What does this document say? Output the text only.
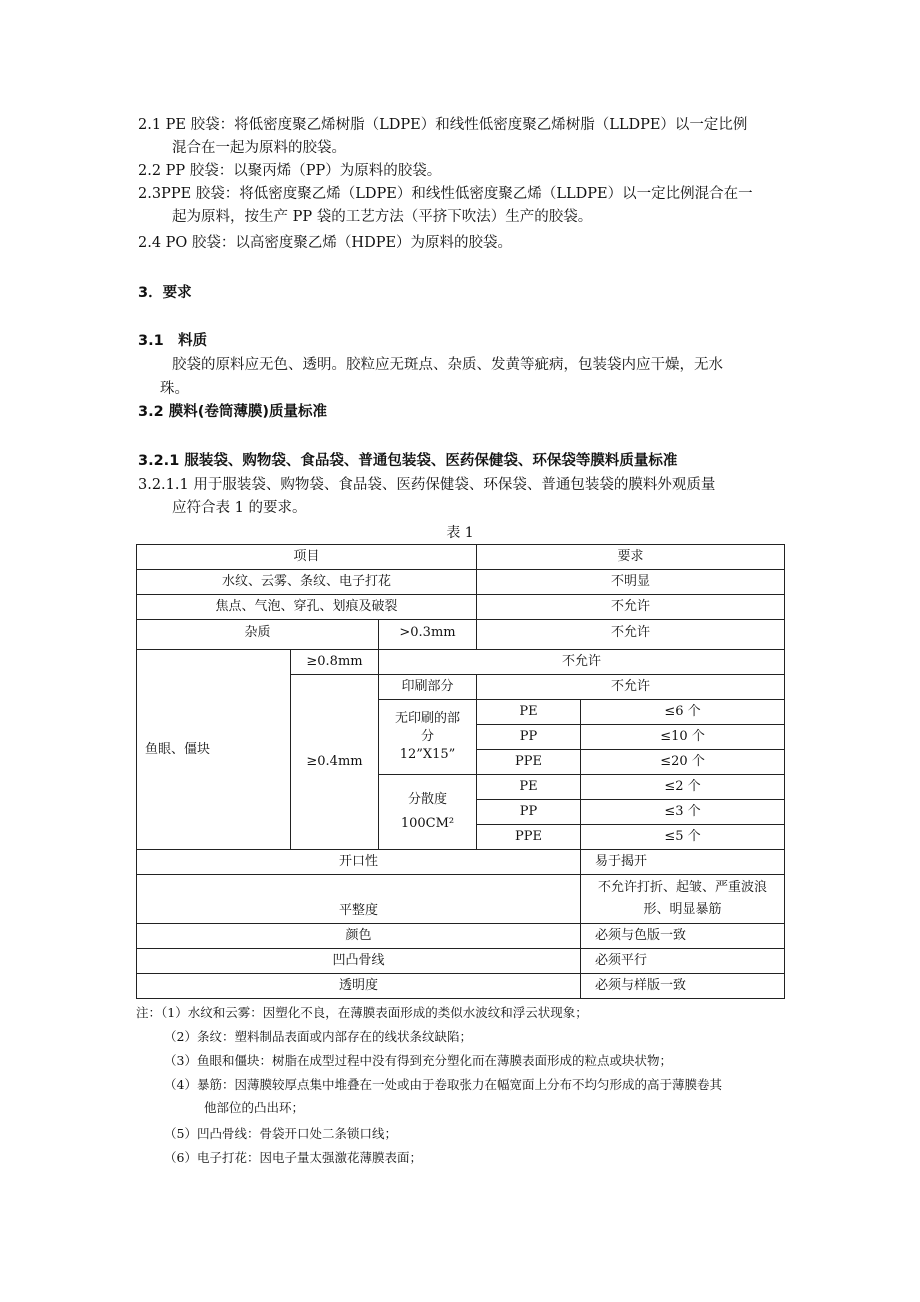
2.1 PE 胶袋：将低密度聚乙烯树脂（LDPE）和线性低密度聚乙烯树脂（LLDPE）以一定比例
混合在一起为原料的胶袋。
2.2 PP 胶袋：以聚丙烯（PP）为原料的胶袋。
2.3PPE 胶袋：将低密度聚乙烯（LDPE）和线性低密度聚乙烯（LLDPE）以一定比例混合在一
起为原料，按生产 PP 袋的工艺方法（平挤下吹法）生产的胶袋。
2.4 PO 胶袋：以高密度聚乙烯（HDPE）为原料的胶袋。
3．要求
3.1　料质
胶袋的原料应无色、透明。胶粒应无斑点、杂质、发黄等疵病，包装袋内应干燥，无水
珠。
3.2 膜料(卷筒薄膜)质量标准
3.2.1 服装袋、购物袋、食品袋、普通包装袋、医药保健袋、环保袋等膜料质量标准
3.2.1.1 用于服装袋、购物袋、食品袋、医药保健袋、环保袋、普通包装袋的膜料外观质量
应符合表 1 的要求。
表 1
项目			要求	
水纹、云雾、条纹、电子打花			不明显	
焦点、气泡、穿孔、划痕及破裂			不允许	
杂质		>0.3mm	不允许	
鱼眼、僵块	≥0.8mm	不允许		
	≥0.4mm	印刷部分	不允许	

		无印刷的部
分
12”X15”	PE	≤6 个
			PP	≤10 个
			PPE	≤20 个

		分散度
100CM²	PE	≤2 个
			PP	≤3 个
			PPE	≤5 个
开口性				易于揭开
平整度				不允许打折、起皱、严重波浪
形、明显暴筋

颜色				必须与色版一致
凹凸骨线				必须平行
透明度				必须与样版一致
注：（1）水纹和云雾：因塑化不良，在薄膜表面形成的类似水波纹和浮云状现象；
（2）条纹：塑料制品表面或内部存在的线状条纹缺陷；
（3）鱼眼和僵块：树脂在成型过程中没有得到充分塑化而在薄膜表面形成的粒点或块状物；
（4）暴筋：因薄膜较厚点集中堆叠在一处或由于卷取张力在幅宽面上分布不均匀形成的高于薄膜卷其
他部位的凸出环；
（5）凹凸骨线：骨袋开口处二条锁口线；
（6）电子打花：因电子量太强激花薄膜表面；
